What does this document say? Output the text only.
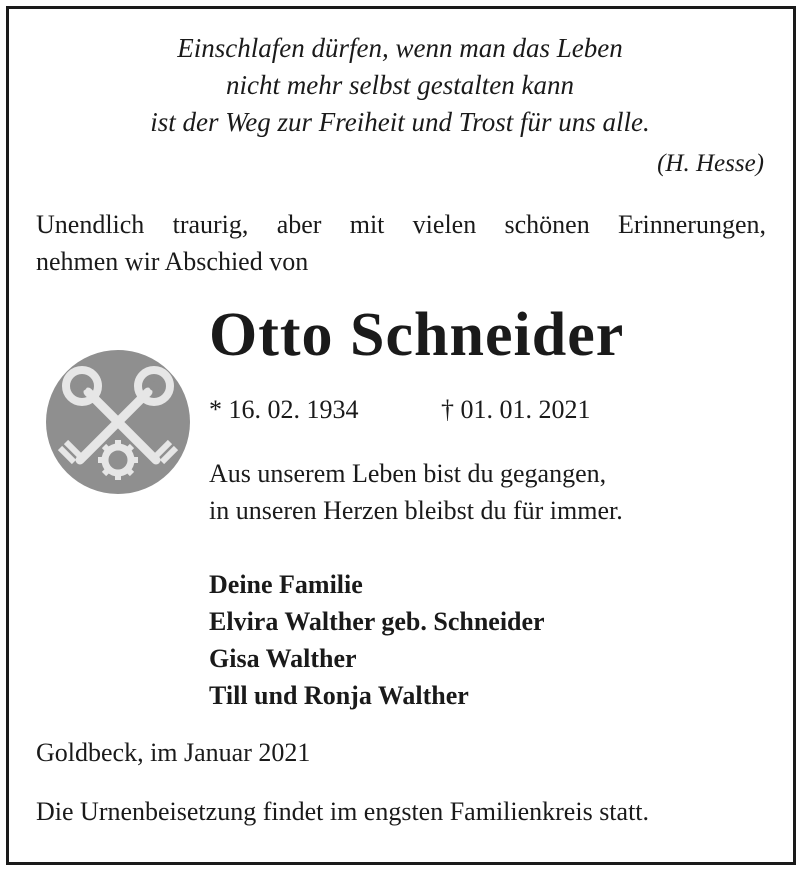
Einschlafen dürfen, wenn man das Leben
nicht mehr selbst gestalten kann
ist der Weg zur Freiheit und Trost für uns alle.
(H. Hesse)
Unendlich traurig, aber mit vielen schönen Erinnerungen,
nehmen wir Abschied von
Otto Schneider
* 16. 02. 1934	† 01. 01. 2021
Aus unserem Leben bist du gegangen,
in unseren Herzen bleibst du für immer.
Deine Familie
Elvira Walther geb. Schneider
Gisa Walther
Till und Ronja Walther
Goldbeck, im Januar 2021
Die Urnenbeisetzung findet im engsten Familienkreis statt.
